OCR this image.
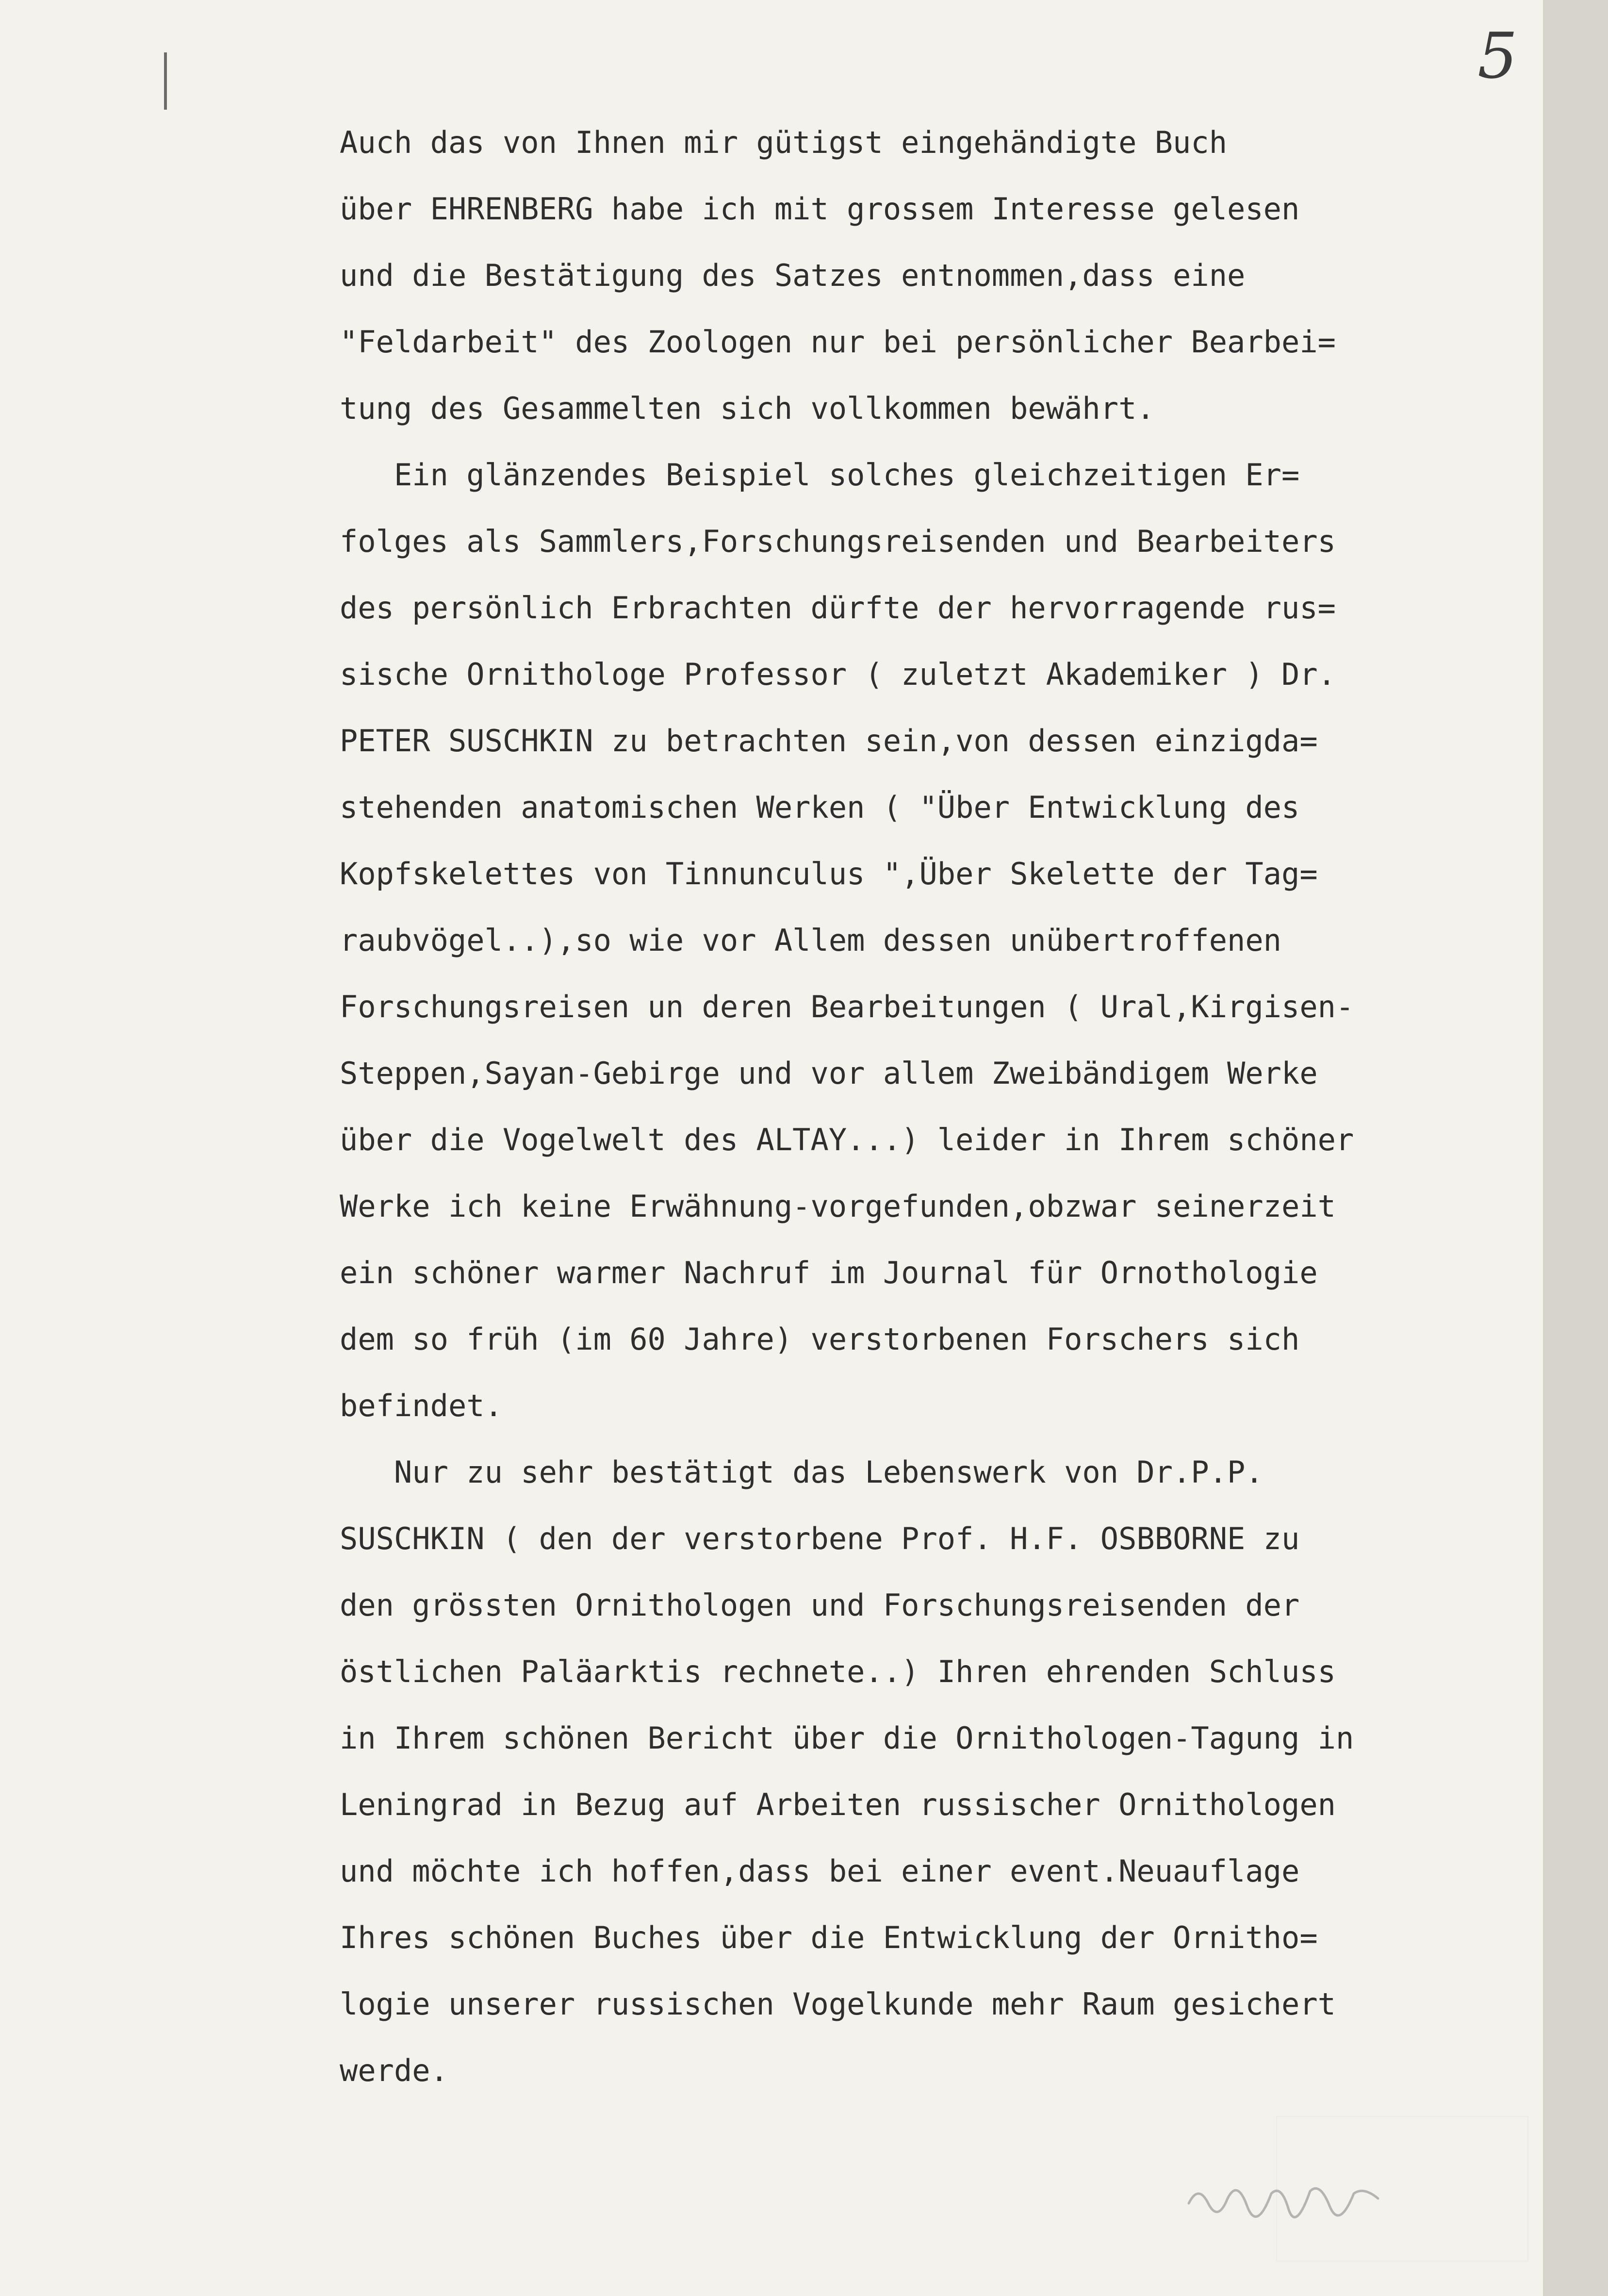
5
Auch das von Ihnen mir gütigst eingehändigte Buch
über EHRENBERG habe ich mit grossem Interesse gelesen
und die Bestätigung des Satzes entnommen,dass eine
"Feldarbeit" des Zoologen nur bei persönlicher Bearbei=
tung des Gesammelten sich vollkommen bewährt.
Ein glänzendes Beispiel solches gleichzeitigen Er=
folges als Sammlers,Forschungsreisenden und Bearbeiters
des persönlich Erbrachten dürfte der hervorragende rus=
sische Ornithologe Professor ( zuletzt Akademiker ) Dr.
PETER SUSCHKIN zu betrachten sein,von dessen einzigda=
stehenden anatomischen Werken ( "Über Entwicklung des
Kopfskelettes von Tinnunculus ",Über Skelette der Tag=
raubvögel..),so wie vor Allem dessen unübertroffenen
Forschungsreisen un deren Bearbeitungen ( Ural,Kirgisen-
Steppen,Sayan-Gebirge und vor allem Zweibändigem Werke
über die Vogelwelt des ALTAY...) leider in Ihrem schöner
Werke ich keine Erwähnung-vorgefunden,obzwar seinerzeit
ein schöner warmer Nachruf im Journal für Ornothologie
dem so früh (im 60 Jahre) verstorbenen Forschers sich
befindet.
Nur zu sehr bestätigt das Lebenswerk von Dr.P.P.
SUSCHKIN ( den der verstorbene Prof. H.F. OSBBORNE zu
den grössten Ornithologen und Forschungsreisenden der
östlichen Paläarktis rechnete..) Ihren ehrenden Schluss
in Ihrem schönen Bericht über die Ornithologen-Tagung in
Leningrad in Bezug auf Arbeiten russischer Ornithologen
und möchte ich hoffen,dass bei einer event.Neuauflage
Ihres schönen Buches über die Entwicklung der Ornitho=
logie unserer russischen Vogelkunde mehr Raum gesichert
werde.
